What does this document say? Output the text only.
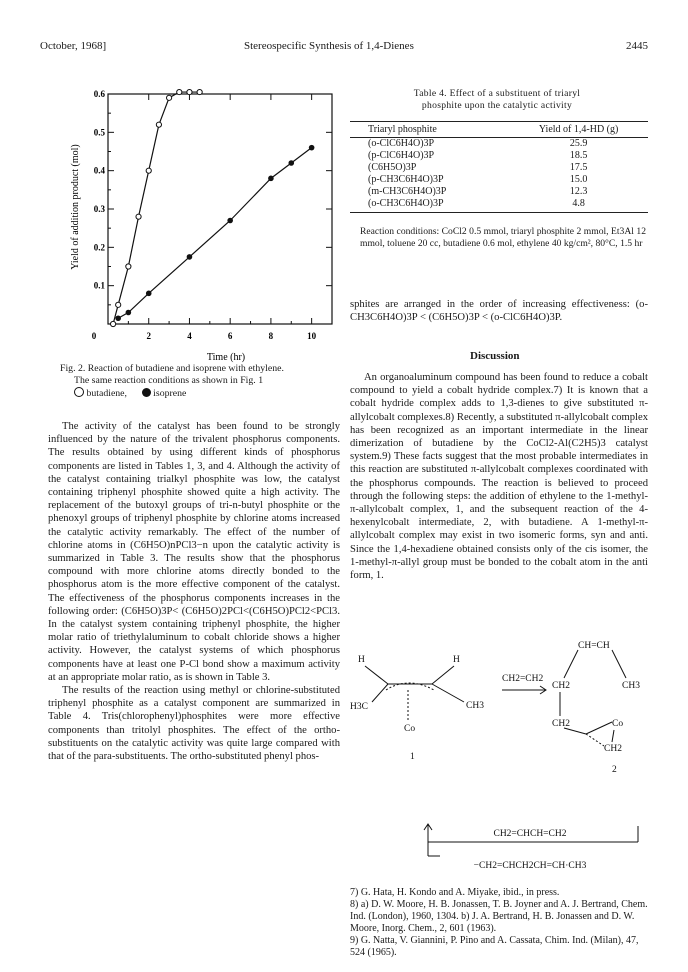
October, 1968]	Stereospecific Synthesis of 1,4-Dienes	2445
0.1
0.2
0.3
0.4
0.5
0.6
0	2	4	6	8	10
Yield of addition product (mol)
Time (hr)
Fig. 2. Reaction of butadiene and isoprene with ethylene.
The same reaction conditions as shown in Fig. 1
butadiene,	isoprene

The activity of the catalyst has been found to be strongly influenced by the nature of the trivalent phosphorus components. The results obtained by using different kinds of phosphorus components are listed in Tables 1, 3, and 4. Although the activity of the catalyst containing trialkyl phosphite was low, the catalyst containing triphenyl phosphite showed quite a high activity. The replacement of the butoxyl groups of tri-n-butyl phosphite or the phenoxyl groups of triphenyl phosphite by chlorine atoms increased the catalytic activity remarkably. The effect of the number of chlorine atoms in (C6H5O)nPCl3−n upon the catalytic activity is summarized in Table 3. The results show that the phosphorus compound with more chlorine atoms directly bonded to the phosphorus atom is the more effective component of the catalyst. The effectiveness of the phosphorus components increases in the following order: (C6H5O)3P< (C6H5O)2PCl<(C6H5O)PCl2<PCl3. In the catalyst system containing triphenyl phosphite, the higher molar ratio of triethylaluminum to cobalt chloride shows a higher activity. However, the catalyst systems of which phosphorus components have at least one P-Cl bond show a maximum activity at an appropriate molar ratio, as is shown in Table 3.

The results of the reaction using methyl or chlorine-substituted triphenyl phosphite as a catalyst component are summarized in Table 4. Tris(chlorophenyl)phosphites were more effective components than tritolyl phosphites. The effect of the ortho-substituents on the catalytic activity was quite large compared with that of the para-substituents. The ortho-substituted phenyl phos-

Table 4. Effect of a substituent of triaryl
phosphite upon the catalytic activity
Triaryl phosphite	Yield of 1,4-HD (g)
(o-ClC6H4O)3P	25.9
(p-ClC6H4O)3P	18.5
(C6H5O)3P	17.5
(p-CH3C6H4O)3P	15.0
(m-CH3C6H4O)3P	12.3
(o-CH3C6H4O)3P	4.8
Reaction conditions: CoCl2 0.5 mmol, triaryl phosphite 2 mmol, Et3Al 12 mmol, toluene 20 cc, butadiene 0.6 mol, ethylene 40 kg/cm², 80°C, 1.5 hr
sphites are arranged in the order of increasing effectiveness: (o-CH3C6H4O)3P < (C6H5O)3P < (o-ClC6H4O)3P.
Discussion

An organoaluminum compound has been found to reduce a cobalt compound to yield a cobalt hydride complex.7) It is known that a cobalt hydride complex adds to 1,3-dienes to give substituted π-allylcobalt complexes.8) Recently, a substituted π-allylcobalt complex has been recognized as an important intermediate in the linear dimerization of butadiene by the CoCl2-Al(C2H5)3 catalyst system.9) These facts suggest that the most probable intermediates in this reaction are substituted π-allylcobalt complexes coordinated with the phosphorus compounds. The reaction is believed to proceed through the following steps: the addition of ethylene to the 1-methyl-π-allylcobalt complex, 1, and the subsequent reaction of the 4-hexenylcobalt intermediate, 2, with butadiene. A 1-methyl-π-allylcobalt complex may exist in two isomeric forms, syn and anti. Since the 1,4-hexadiene obtained consists only of the cis isomer, the 1-methyl-π-allyl group must be bonded to the cobalt atom in the anti form, 1.

H	H
H3C	CH3
Co
1
CH2=CH2
CH=CH
CH2	CH3
CH2	Co
CH2
2
CH2=CHCH=CH2
−CH2=CHCH2CH=CH·CH3

7) G. Hata, H. Kondo and A. Miyake, ibid., in press.

8) a) D. W. Moore, H. B. Jonassen, T. B. Joyner and A. J. Bertrand, Chem. Ind. (London), 1960, 1304. b) J. A. Bertrand, H. B. Jonassen and D. W. Moore, Inorg. Chem., 2, 601 (1963).

9) G. Natta, V. Giannini, P. Pino and A. Cassata, Chim. Ind. (Milan), 47, 524 (1965).
